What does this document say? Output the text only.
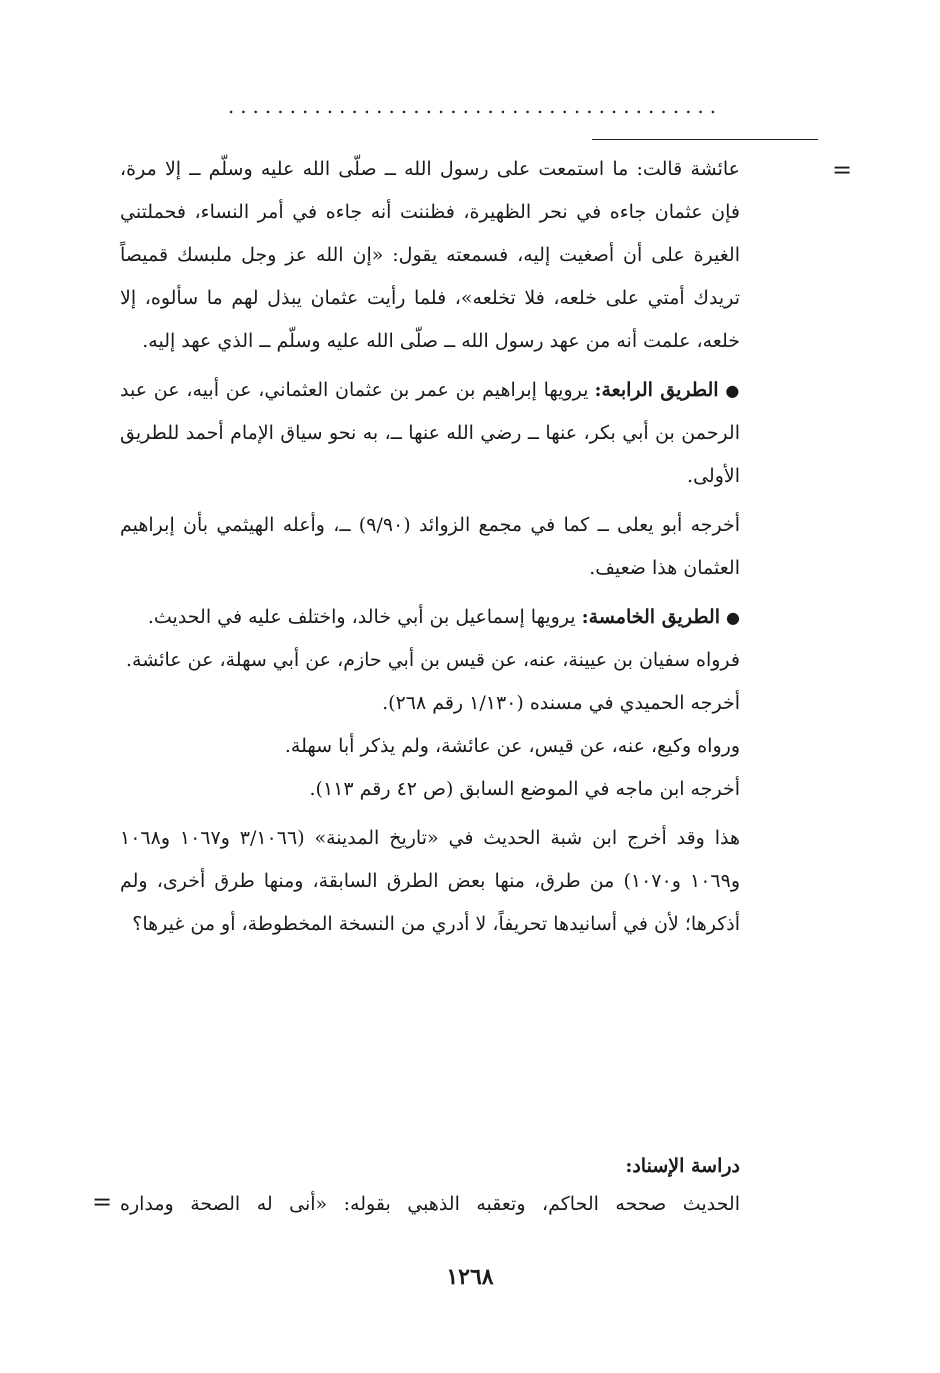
........................................
=

عائشة قالت: ما استمعت على رسول الله ــ صلّى الله عليه وسلّم ــ إلا مرة، فإن عثمان جاءه في نحر الظهيرة، فظننت أنه جاءه في أمر النساء، فحملتني الغيرة على أن أصغيت إليه، فسمعته يقول: «إن الله عز وجل ملبسك قميصاً تريدك أمتي على خلعه، فلا تخلعه»، فلما رأيت عثمان يبذل لهم ما سألوه، إلا خلعه، علمت أنه من عهد رسول الله ــ صلّى الله عليه وسلّم ــ الذي عهد إليه.

● الطريق الرابعة: يرويها إبراهيم بن عمر بن عثمان العثماني، عن أبيه، عن عبد الرحمن بن أبي بكر، عنها ــ رضي الله عنها ــ، به نحو سياق الإمام أحمد للطريق الأولى.

أخرجه أبو يعلى ــ كما في مجمع الزوائد (٩/٩٠) ــ، وأعله الهيثمي بأن إبراهيم العثمان هذا ضعيف.

● الطريق الخامسة: يرويها إسماعيل بن أبي خالد، واختلف عليه في الحديث.

فرواه سفيان بن عيينة، عنه، عن قيس بن أبي حازم، عن أبي سهلة، عن عائشة.

أخرجه الحميدي في مسنده (١/١٣٠ رقم ٢٦٨).

ورواه وكيع، عنه، عن قيس، عن عائشة، ولم يذكر أبا سهلة.

أخرجه ابن ماجه في الموضع السابق (ص ٤٢ رقم ١١٣).

هذا وقد أخرج ابن شبة الحديث في «تاريخ المدينة» (٣/١٠٦٦ و١٠٦٧ و١٠٦٨ و١٠٦٩ و١٠٧٠) من طرق، منها بعض الطرق السابقة، ومنها طرق أخرى، ولم أذكرها؛ لأن في أسانيدها تحريفاً، لا أدري من النسخة المخطوطة، أو من غيرها؟

دراسة الإسناد:
الحديث صححه الحاكم، وتعقبه الذهبي بقوله: «أنى له الصحة ومداره
=
١٢٦٨
